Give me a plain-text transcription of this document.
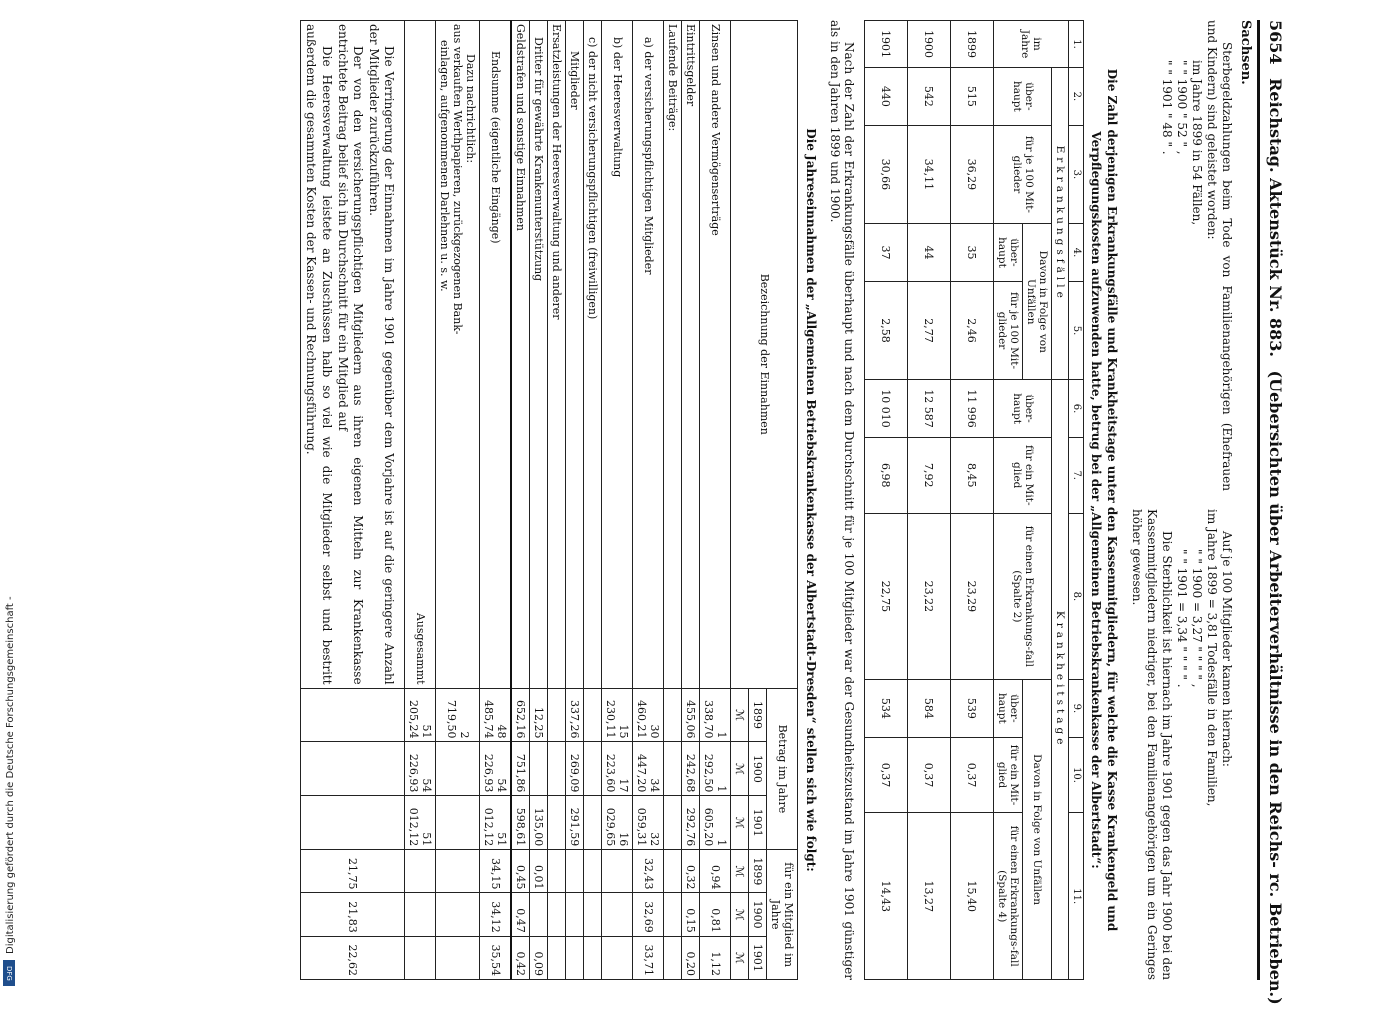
5654 Reichstag. Aktenstück Nr. 883. (Uebersichten über Arbeiterverhältnisse in den Reichs- rc. Betrieben.)
Sachsen.
Sterbegeldzahlungen beim Tode von Familienangehörigen (Ehefrauen und Kindern) sind geleistet worden:
im Jahre 1899 in 54 Fällen,
" " 1900 " 52 " ,
" " 1901 " 48 " .
Auf je 100 Mitglieder kamen hiernach:
im Jahre 1899 = 3,81 Todesfälle in den Familien,
" " 1900 = 3,27 " " " " ,
" " 1901 = 3,34 " " " " .
Die Sterblichkeit ist hiernach im Jahre 1901 gegen das Jahr 1900 bei den Kassenmitgliedern niedriger, bei den Familienangehörigen um ein Geringes höher gewesen.
Die Zahl derjenigen Erkrankungsfälle und Krankheitstage unter den Kassenmitgliedern, für welche die Kasse Krankengeld und Verpflegungskosten aufzuwenden hatte, betrug bei der „Allgemeinen Betriebskrankenkasse der Albertstadt“:
1.	2.	3.	4.	5.	6.	7.	8.	9.	10.	11.
im Jahre	Erkrankungsfälle				Krankheitstage					
	über-haupt	für je 100 Mit-glieder	Davon in Folge von Unfällen		über-haupt	für ein Mit-glied	für einen Erkrankungs-fall (Spalte 2)	Davon in Folge von Unfällen		
			über-haupt	für je 100 Mit-glieder				über-haupt	für ein Mit-glied	für einen Erkrankungs-fall (Spalte 4)
1899	515	36,29	35	2,46	11 996	8,45	23,29	539	0,37	15,40
1900	542	34,11	44	2,77	12 587	7,92	23,22	584	0,37	13,27
1901	440	30,66	37	2,58	10 010	6,98	22,75	534	0,37	14,43
Nach der Zahl der Erkrankungsfälle überhaupt und nach dem Durchschnitt für je 100 Mitglieder war der Gesundheitszustand im Jahre 1901 günstiger als in den Jahren 1899 und 1900.
Die Jahreseinnahmen der „Allgemeinen Betriebskrankenkasse der Albertstadt-Dresden“ stellen sich wie folgt:
Bezeichnung der Einnahmen	Betrag im Jahre			für ein Mitglied im Jahre		
	1899	1900	1901	1899	1900	1901
	ℳ	ℳ	ℳ	ℳ	ℳ	ℳ
Zinsen und andere Vermögenserträge	1 338,70	1 292,50	1 605,20	0,94	0,81	1,12
Eintrittsgelder	455,06	242,68	292,76	0,32	0,15	0,20
Laufende Beiträge:						
a) der versicherungspflichtigen Mitglieder	30 460,21	34 447,20	32 059,31	32,43	32,69	33,71
b) der Heeresverwaltung	15 230,11	17 223,60	16 029,65			
c) der nicht versicherungspflichtigen (freiwilligen)						
Mitglieder	337,26	269,09	291,59			
Ersatzleistungen der Heeresverwaltung und anderer						
Dritter für gewährte Krankenunterstützung	12,25		135,00	0,01		0,09
Geldstrafen und sonstige Einnahmen	652,16	751,86	598,61	0,45	0,47	0,42
Endsumme (eigentliche Eingänge)	48 485,74	54 226,93	51 012,12	34,15	34,12	35,54

Dazu nachrichtlich:
aus verkauften Werthpapieren, zurückgezogenen Bank-
einlagen, aufgenommenen Darlehnen u. s. w.	2 719,50					
Ausgesammt	51 205,24	54 226,93	51 012,12			

Die Verringerung der Einnahmen im Jahre 1901 gegenüber dem Vorjahre ist auf die geringere Anzahl der Mitglieder zurückzuführen.

Der von den versicherungspflichtigen Mitgliedern aus ihren eigenen Mitteln zur Krankenkasse entrichtete Beitrag belief sich im Durchschnitt für ein Mitglied auf

Die Heeresverwaltung leistete an Zuschüssen halb so viel wie die Mitglieder selbst und bestritt außerdem die gesammten Kosten der Kassen- und Rechnungsführung.				21,75	21,83	22,62
Digitalisierung gefördert durch die Deutsche Forschungsgemeinschaft -
DFG
